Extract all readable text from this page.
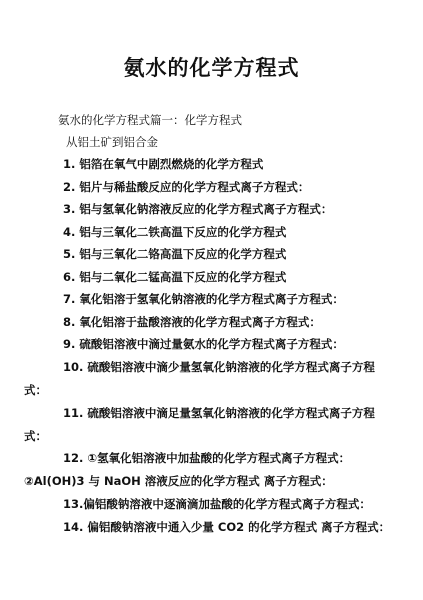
氨水的化学方程式
氨水的化学方程式篇一：化学方程式
从铝土矿到铝合金
1. 铝箔在氧气中剧烈燃烧的化学方程式
2. 铝片与稀盐酸反应的化学方程式离子方程式：
3. 铝与氢氧化钠溶液反应的化学方程式离子方程式：
4. 铝与三氧化二铁高温下反应的化学方程式
5. 铝与三氧化二铬高温下反应的化学方程式
6. 铝与二氧化二锰高温下反应的化学方程式
7. 氧化铝溶于氢氧化钠溶液的化学方程式离子方程式：
8. 氧化铝溶于盐酸溶液的化学方程式离子方程式：
9. 硫酸铝溶液中滴过量氨水的化学方程式离子方程式：
10. 硫酸铝溶液中滴少量氢氧化钠溶液的化学方程式离子方程
式：
11. 硫酸铝溶液中滴足量氢氧化钠溶液的化学方程式离子方程
式：
12. ①氢氧化铝溶液中加盐酸的化学方程式离子方程式：
②Al(OH)3 与 NaOH 溶液反应的化学方程式 离子方程式：
13.偏铝酸钠溶液中逐滴滴加盐酸的化学方程式离子方程式：
14. 偏铝酸钠溶液中通入少量 CO2 的化学方程式 离子方程式：
